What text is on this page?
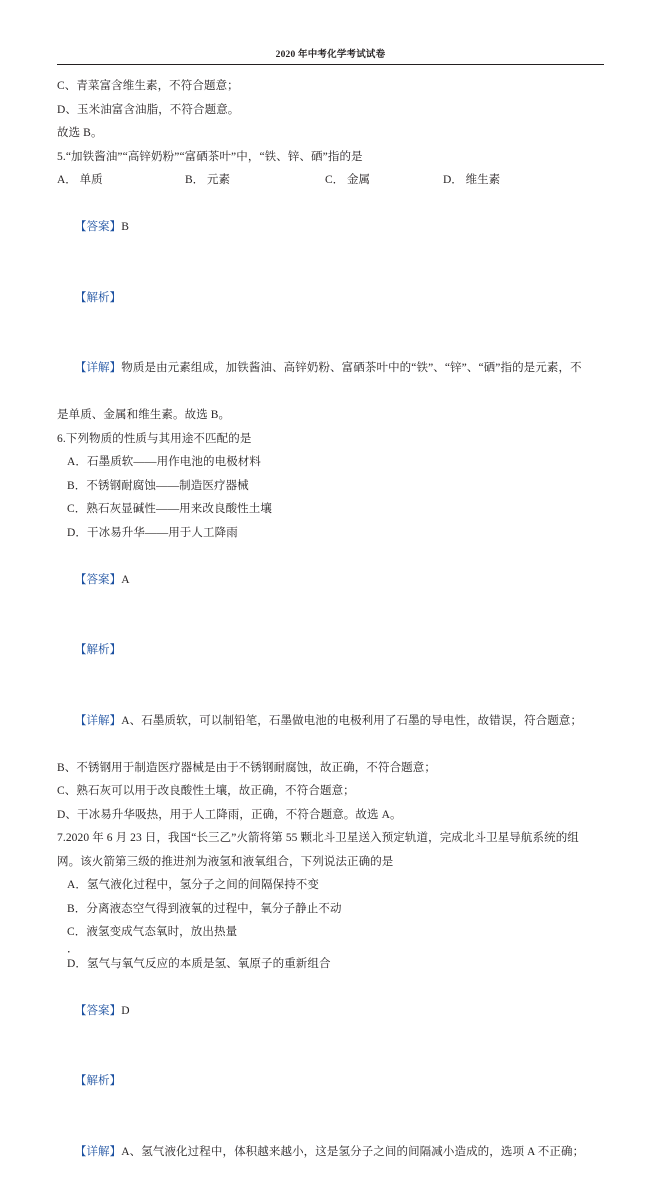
2020 年中考化学考试试卷
C、青菜富含维生素，不符合题意；
D、玉米油富含油脂，不符合题意。
故选 B。
5.“加铁酱油”“高锌奶粉”“富硒茶叶”中，“铁、锌、硒”指的是
A． 单质	B． 元素	C． 金属	D． 维生素

【答案】B

【解析】

【详解】物质是由元素组成，加铁酱油、高锌奶粉、富硒茶叶中的“铁”、“锌”、“硒”指的是元素，不

是单质、金属和维生素。故选 B。
6.下列物质的性质与其用途不匹配的是
A．石墨质软——用作电池的电极材料
B．不锈钢耐腐蚀——制造医疗器械
C．熟石灰显碱性——用来改良酸性土壤
D．干冰易升华——用于人工降雨

【答案】A

【解析】

【详解】A、石墨质软，可以制铅笔，石墨做电池的电极利用了石墨的导电性，故错误，符合题意；

B、不锈钢用于制造医疗器械是由于不锈钢耐腐蚀，故正确，不符合题意；
C、熟石灰可以用于改良酸性土壤，故正确，不符合题意；
D、干冰易升华吸热，用于人工降雨，正确，不符合题意。故选 A。
7.2020 年 6 月 23 日，我国“长三乙”火箭将第 55 颗北斗卫星送入预定轨道，完成北斗卫星导航系统的组
网。该火箭第三级的推进剂为液氢和液氧组合，下列说法正确的是
A．氢气液化过程中，氢分子之间的间隔保持不变
B．分离液态空气得到液氧的过程中，氧分子静止不动
C．液氢变成气态氧时，放出热量
．
D．氢气与氧气反应的本质是氢、氧原子的重新组合

【答案】D

【解析】

【详解】A、氢气液化过程中，体积越来越小，这是氢分子之间的间隔减小造成的，选项 A 不正确；
